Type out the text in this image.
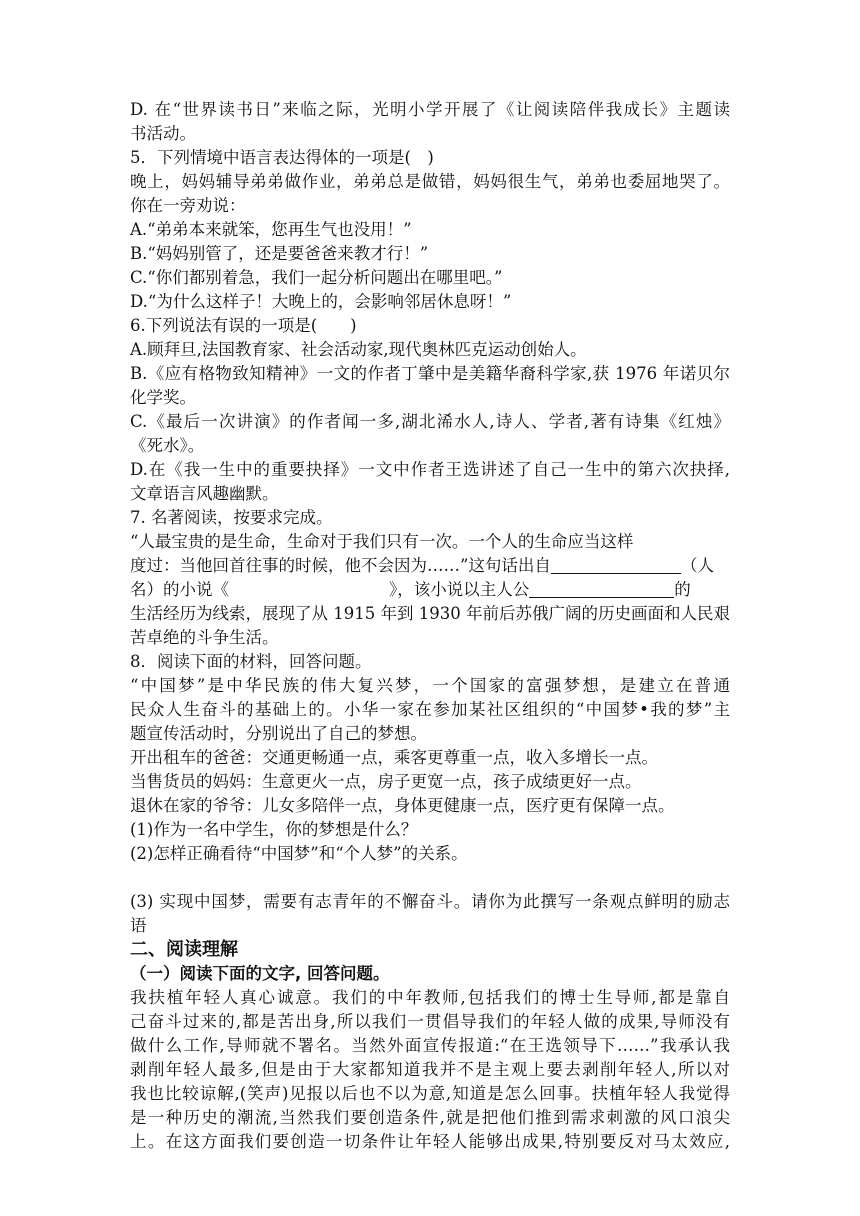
D. 在“世界读书日”来临之际，光明小学开展了《让阅读陪伴我成长》主题读
书活动。
5．下列情境中语言表达得体的一项是(　)
晚上，妈妈辅导弟弟做作业，弟弟总是做错，妈妈很生气，弟弟也委屈地哭了。
你在一旁劝说：
A.“弟弟本来就笨，您再生气也没用！”
B.“妈妈别管了，还是要爸爸来教才行！”
C.“你们都别着急，我们一起分析问题出在哪里吧。”
D.“为什么这样子！大晚上的，会影响邻居休息呀！”
6.下列说法有误的一项是(　　)
A.顾拜旦,法国教育家、社会活动家,现代奥林匹克运动创始人。
B.《应有格物致知精神》一文的作者丁肇中是美籍华裔科学家,获 1976 年诺贝尔
化学奖。
C.《最后一次讲演》的作者闻一多,湖北浠水人,诗人、学者,著有诗集《红烛》
《死水》。
D.在《我一生中的重要抉择》一文中作者王选讲述了自己一生中的第六次抉择,
文章语言风趣幽默。
7. 名著阅读，按要求完成。
“人最宝贵的是生命，生命对于我们只有一次。一个人的生命应当这样
度过：当他回首往事的时候，他不会因为……”这句话出自	（人
名）的小说《	》，该小说以主人公	的
生活经历为线索，展现了从 1915 年到 1930 年前后苏俄广阔的历史画面和人民艰
苦卓绝的斗争生活。
8．阅读下面的材料，回答问题。
“中国梦”是中华民族的伟大复兴梦，一个国家的富强梦想，是建立在普通
民众人生奋斗的基础上的。小华一家在参加某社区组织的“中国梦•我的梦”主
题宣传活动时，分别说出了自己的梦想。
开出租车的爸爸：交通更畅通一点，乘客更尊重一点，收入多增长一点。
当售货员的妈妈：生意更火一点，房子更宽一点，孩子成绩更好一点。
退休在家的爷爷：儿女多陪伴一点，身体更健康一点，医疗更有保障一点。
(1)作为一名中学生，你的梦想是什么？
(2)怎样正确看待“中国梦”和“个人梦”的关系。
(3) 实现中国梦，需要有志青年的不懈奋斗。请你为此撰写一条观点鲜明的励志
语
二、阅读理解
（一）阅读下面的文字, 回答问题。
我扶植年轻人真心诚意。我们的中年教师,包括我们的博士生导师,都是靠自
己奋斗过来的,都是苦出身,所以我们一贯倡导我们的年轻人做的成果,导师没有
做什么工作,导师就不署名。当然外面宣传报道:“在王选领导下……”我承认我
剥削年轻人最多,但是由于大家都知道我并不是主观上要去剥削年轻人,所以对
我也比较谅解,(笑声)见报以后也不以为意,知道是怎么回事。扶植年轻人我觉得
是一种历史的潮流,当然我们要创造条件,就是把他们推到需求刺激的风口浪尖
上。在这方面我们要创造一切条件让年轻人能够出成果,特别要反对马太效应,
